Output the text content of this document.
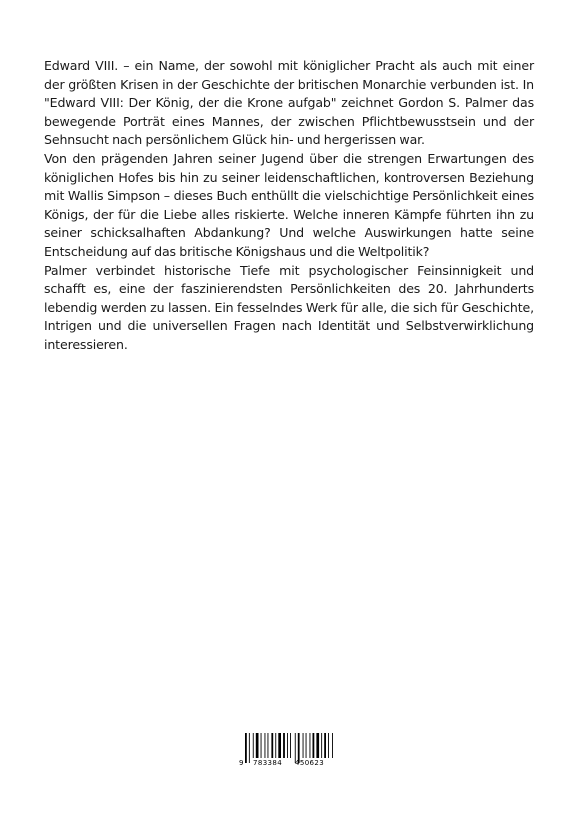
Edward VIII. – ein Name, der sowohl mit königlicher Pracht als auch mit einer der größten Krisen in der Geschichte der britischen Monarchie verbunden ist. In "Edward VIII: Der König, der die Krone aufgab" zeichnet Gordon S. Palmer das bewegende Porträt eines Mannes, der zwischen Pflichtbewusstsein und der Sehnsucht nach persönlichem Glück hin- und hergerissen war.

Von den prägenden Jahren seiner Jugend über die strengen Erwartungen des königlichen Hofes bis hin zu seiner leidenschaftlichen, kontroversen Beziehung mit Wallis Simpson – dieses Buch enthüllt die vielschichtige Persönlichkeit eines Königs, der für die Liebe alles riskierte. Welche inneren Kämpfe führten ihn zu seiner schicksalhaften Abdankung? Und welche Auswirkungen hatte seine Entscheidung auf das britische Königshaus und die Weltpolitik?

Palmer verbindet historische Tiefe mit psychologischer Feinsinnigkeit und schafft es, eine der faszinierendsten Persönlichkeiten des 20. Jahrhunderts lebendig werden zu lassen. Ein fesselndes Werk für alle, die sich für Geschichte, Intrigen und die universellen Fragen nach Identität und Selbstverwirklichung interessieren.

9 783384 450623
